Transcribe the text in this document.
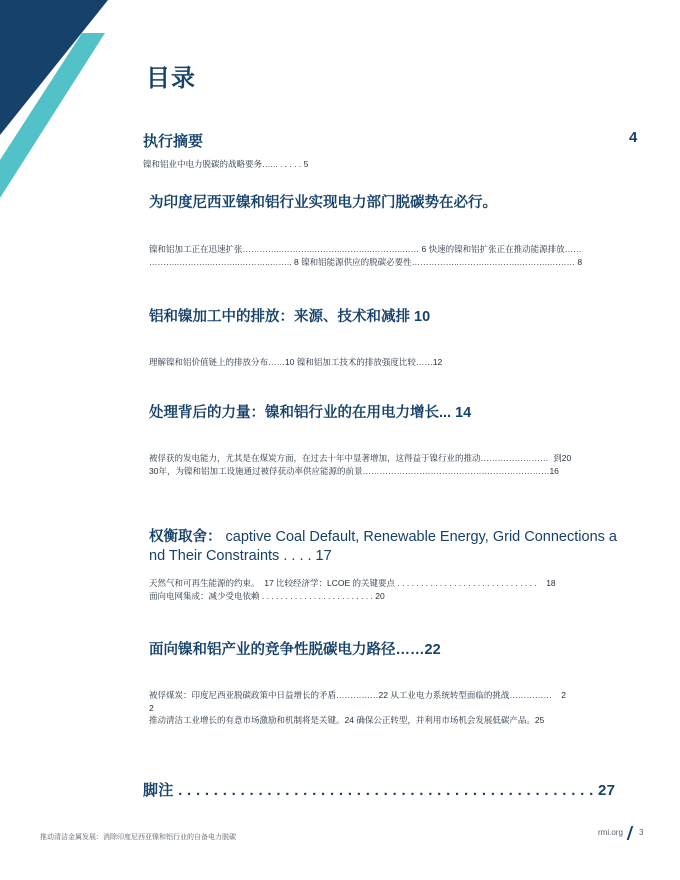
目录
执行摘要	4
镍和铝业中电力脱碳的战略要务…... . . . . . 5
为印度尼西亚镍和铝行业实现电力部门脱碳势在必行。
镍和铝加工正在迅速扩张…………..………..………..………..………..…… 6 快速的镍和铝扩张正在推动能源排放……
………..………..………..………..…….. 8 镍和铝能源供应的脱碳必要性……………..………..………..………..……… 8
铝和镍加工中的排放：来源、技术和减排 10
理解镍和铝价值链上的排放分布……10 镍和铝加工技术的排放强度比较……12
处理背后的力量：镍和铝行业的在用电力增长... 14
被俘获的发电能力，尤其是在煤炭方面，在过去十年中显著增加，这得益于镍行业的推动……………………  到20
30年，为镍和铝加工设施通过被俘获动率供应能源的前景…………………………………………………………16
权衡取舍： captive Coal Default, Renewable Energy, Grid Connections a
nd Their Constraints . . . . 17
天然气和可再生能源的约束。  17 比较经济学：LCOE 的关键要点 . . . . . . . . . . . . . . . . . . . . . . . . . . . . . .    18
面向电网集成：减少受电依赖 . . . . . . . . . . . . . . . . . . . . . . . . 20
面向镍和铝产业的竞争性脱碳电力路径……22
被俘煤炭：印度尼西亚脱碳政策中日益增长的矛盾……………22 从工业电力系统转型面临的挑战……………    2
2
推动清洁工业增长的有意市场激励和机制将是关键。24 确保公正转型，并利用市场机会发展低碳产品。25
脚注 . . . . . . . . . . . . . . . . . . . . . . . . . . . . . . . . . . . . . . . . . . . . . . . 27
推动清洁金属发展：消除印度尼西亚镍和铝行业的自备电力脱碳
rmi.org 3
